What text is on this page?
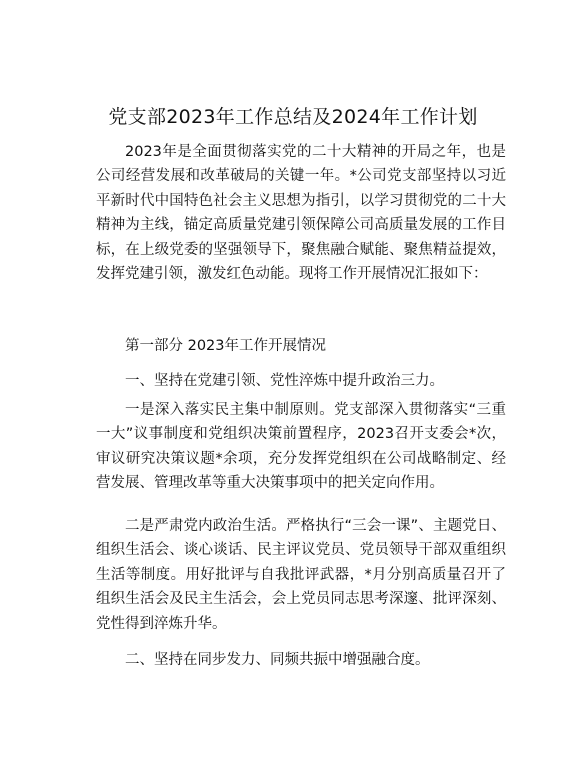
党支部2023年工作总结及2024年工作计划

2023年是全面贯彻落实党的二十大精神的开局之年，也是公司经营发展和改革破局的关键一年。*公司党支部坚持以习近平新时代中国特色社会主义思想为指引，以学习贯彻党的二十大精神为主线，锚定高质量党建引领保障公司高质量发展的工作目标，在上级党委的坚强领导下，聚焦融合赋能、聚焦精益提效，发挥党建引领，激发红色动能。现将工作开展情况汇报如下：

第一部分 2023年工作开展情况

一、坚持在党建引领、党性淬炼中提升政治三力。

一是深入落实民主集中制原则。党支部深入贯彻落实“三重一大”议事制度和党组织决策前置程序，2023召开支委会*次，审议研究决策议题*余项，充分发挥党组织在公司战略制定、经营发展、管理改革等重大决策事项中的把关定向作用。

二是严肃党内政治生活。严格执行“三会一课”、主题党日、组织生活会、谈心谈话、民主评议党员、党员领导干部双重组织生活等制度。用好批评与自我批评武器，*月分别高质量召开了组织生活会及民主生活会，会上党员同志思考深邃、批评深刻、党性得到淬炼升华。

二、坚持在同步发力、同频共振中增强融合度。
